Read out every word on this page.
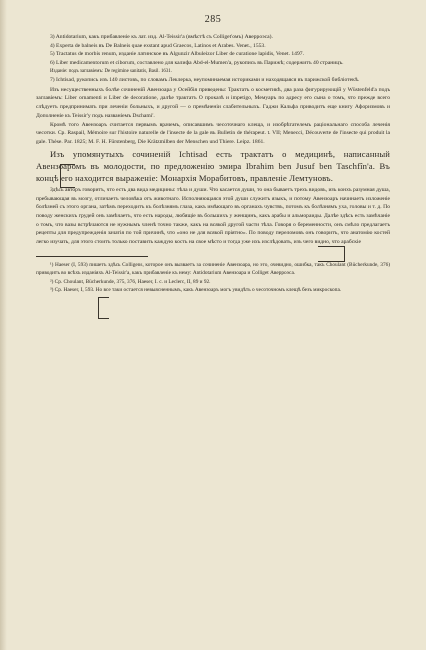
285

3) Antidotarium, какъ прибавленіе къ лат. изд. Al-Teissir'a (вмѣстѣ съ Colliget'омъ) Аверроэса).

4) Experta de balneis въ De Balneis quae exstant apud Graecos, Latinos et Arabes. Venet., 1553.

5) Tractatus de morbis renum, изданіе латинское въ Algunzir Albuleizor Liber de curatione lapidis, Venet. 1497.

6) Liber medicamentorum et ciborum, составлено для калифа Abd-el-Mumen'a, рукопись въ Парижѣ; содержитъ 40 страницъ.

Изданіе: подъ заглавіемъ: De regimine sanitatis, Basil. 1631.

7) Ichtisad, рукопись изъ 140 листовъ, по словамъ Леклерка, неупоминаемая историками и находящаяся въ парижской библіотекѣ.

Изъ несущественныхъ болѣе сочиненій Авензоара у Осейбія приведены: Трактатъ о косметикѣ, два раза фигурирующій у Wüstenfeld'а подъ заглавіемъ: Liber ornamenti и Liber de decoratione, далѣе трактатъ О проказѣ и impetigo, Мемуаръ по адресу его сына о томъ, что прежде всего слѣдуетъ предпринимать при леченіи больныхъ, и другой — о премѣненіи слабительныхъ. Гаджи Кальфа приводитъ еще книгу Афоризмовъ и Дополненіе къ Teissir'у подъ названіемъ Dschami'.

Кромѣ того Авензоаръ считается первымъ врачемъ, описавшимъ чесоточнаго клеща, и изобрѣтателемъ раціональнаго способа леченія чесотки. Ср. Raspail, Mémoire sur l'histoire naturelle de l'insecte de la gale въ Bulletin de thérapeut. t. VII; Menecci, Découverte de l'insecte qui produit la gale. Thèse. Par. 1825; M. F. H. Fürstenberg, Die Krätzmilben der Menschen und Thiere. Leipz. 1861.

Изъ упомянутыхъ сочиненій Ichtisad есть трактатъ о медицинѣ, написанный Авензоаромъ въ молодости, по предложенію эмира Ibrahim ben Jusuf ben Taschfîn'a. Въ концѣ его находится выраженіе: Монархія Морабитовъ, правленіе Лемтуновъ.

Здѣсь авторъ говоритъ, что есть два вида медицины: тѣла и души. Что касается души, то она бываетъ трехъ видовъ, изъ конхъ разумная душа, пребывающая въ мозгу, отличаетъ человѣка отъ животнаго. Исполняющаяся этой души служитъ языкъ, и потому Авензоаръ начинаетъ изложеніе болѣзней съ этого органа, затѣмъ переходитъ къ болѣзнямъ глаза, какъ имѣющаго въ органахъ чувствъ, потомъ къ болѣзнямъ уха, головы и т. д. По поводу женскихъ грудей онъ замѣчаетъ, что есть народы, любящіе въ большихъ у женщинъ, какъ арабы и альмораиды. Далѣе здѣсь есть замѣчаніе о томъ, что вазы встрѣчаются не нужнымъ членѣ точно также, какъ на всякой другой части тѣла. Говоря о беременности, онъ смѣло предлагаетъ рецепты для предупрежденія зачатія по той причинѣ, что «оно не для всякой пріятно». По поводу переломовъ онъ говоритъ, что анатомію костей легко изучать, для этого стоитъ только поставить каждую кость на свое мѣсто и тогда уже ихъ изслѣдовать, изъ чего видно, что арабскіе

¹) Haeser (I, 593) пишетъ здѣсь Colligens, которое онъ вызваетъ за сочиненіе Авензоара, но это, очевидно, ошибка, такъ Choulant (Bücherkunde, 376) приводитъ во всѣхъ изданіяхъ Al-Teissir'а, какъ прибавленіе къ нему: Antidotarium Авензоара и Colliget Аверроэса.

²) Ср. Choulant, Bücherkunde, 375, 376, Haeser, I. c. и Leclerc, II, 89 и 92.

³) Ср. Haeser, I, 593. Но все таки остается невыясненнымъ, какъ Авензоаръ могъ увидѣть о чесоточномъ клещѣ безъ микроскопа.
